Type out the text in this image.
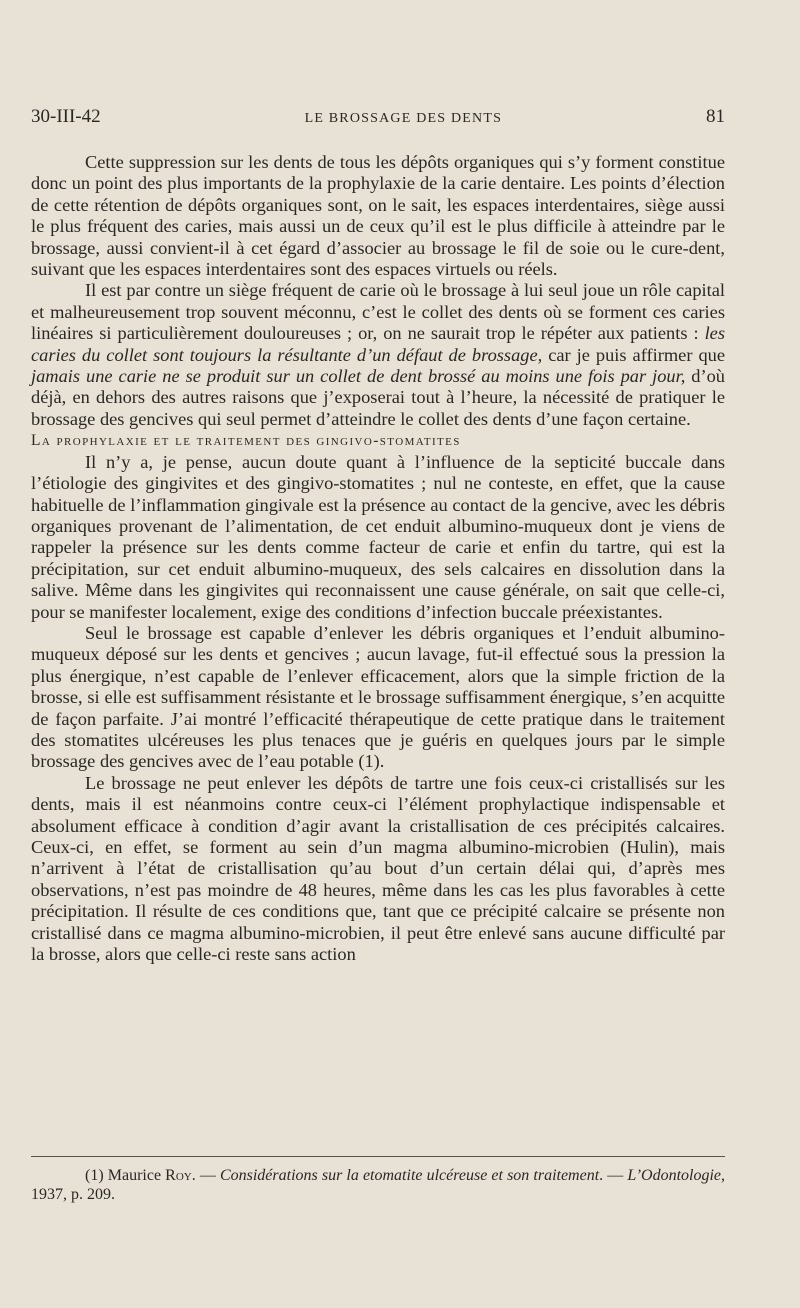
30-III-42	LE BROSSAGE DES DENTS	81

Cette suppression sur les dents de tous les dépôts organiques qui s’y forment constitue donc un point des plus importants de la prophylaxie de la carie dentaire. Les points d’élection de cette rétention de dépôts organiques sont, on le sait, les espaces interdentaires, siège aussi le plus fréquent des caries, mais aussi un de ceux qu’il est le plus difficile à atteindre par le brossage, aussi convient-il à cet égard d’associer au brossage le fil de soie ou le cure-dent, suivant que les espaces interdentaires sont des espaces virtuels ou réels.

Il est par contre un siège fréquent de carie où le brossage à lui seul joue un rôle capital et malheureusement trop souvent méconnu, c’est le collet des dents où se forment ces caries linéaires si particulièrement douloureuses ; or, on ne saurait trop le répéter aux patients : les caries du collet sont toujours la résultante d’un défaut de brossage, car je puis affirmer que jamais une carie ne se produit sur un collet de dent brossé au moins une fois par jour, d’où déjà, en dehors des autres raisons que j’exposerai tout à l’heure, la nécessité de pratiquer le brossage des gencives qui seul permet d’atteindre le collet des dents d’une façon certaine.

La prophylaxie et le traitement des gingivo-stomatites

Il n’y a, je pense, aucun doute quant à l’influence de la septicité buccale dans l’étiologie des gingivites et des gingivo-stomatites ; nul ne conteste, en effet, que la cause habituelle de l’inflammation gingivale est la présence au contact de la gencive, avec les débris organiques provenant de l’alimentation, de cet enduit albumino-muqueux dont je viens de rappeler la présence sur les dents comme facteur de carie et enfin du tartre, qui est la précipitation, sur cet enduit albumino-muqueux, des sels calcaires en dissolution dans la salive. Même dans les gingivites qui reconnaissent une cause générale, on sait que celle-ci, pour se manifester localement, exige des conditions d’infection buccale préexistantes.

Seul le brossage est capable d’enlever les débris organiques et l’enduit albumino-muqueux déposé sur les dents et gencives ; aucun lavage, fut-il effectué sous la pression la plus énergique, n’est capable de l’enlever efficacement, alors que la simple friction de la brosse, si elle est suffisamment résistante et le brossage suffisamment énergique, s’en acquitte de façon parfaite. J’ai montré l’efficacité thérapeutique de cette pratique dans le traitement des stomatites ulcéreuses les plus tenaces que je guéris en quelques jours par le simple brossage des gencives avec de l’eau potable (1).

Le brossage ne peut enlever les dépôts de tartre une fois ceux-ci cristallisés sur les dents, mais il est néanmoins contre ceux-ci l’élément prophylactique indispensable et absolument efficace à condition d’agir avant la cristallisation de ces précipités calcaires. Ceux-ci, en effet, se forment au sein d’un magma albumino-microbien (Hulin), mais n’arrivent à l’état de cristallisation qu’au bout d’un certain délai qui, d’après mes observations, n’est pas moindre de 48 heures, même dans les cas les plus favorables à cette précipitation. Il résulte de ces conditions que, tant que ce précipité calcaire se présente non cristallisé dans ce magma albumino-microbien, il peut être enlevé sans aucune difficulté par la brosse, alors que celle-ci reste sans action

(1) Maurice Roy. — Considérations sur la etomatite ulcéreuse et son traitement. — L’Odontologie, 1937, p. 209.
